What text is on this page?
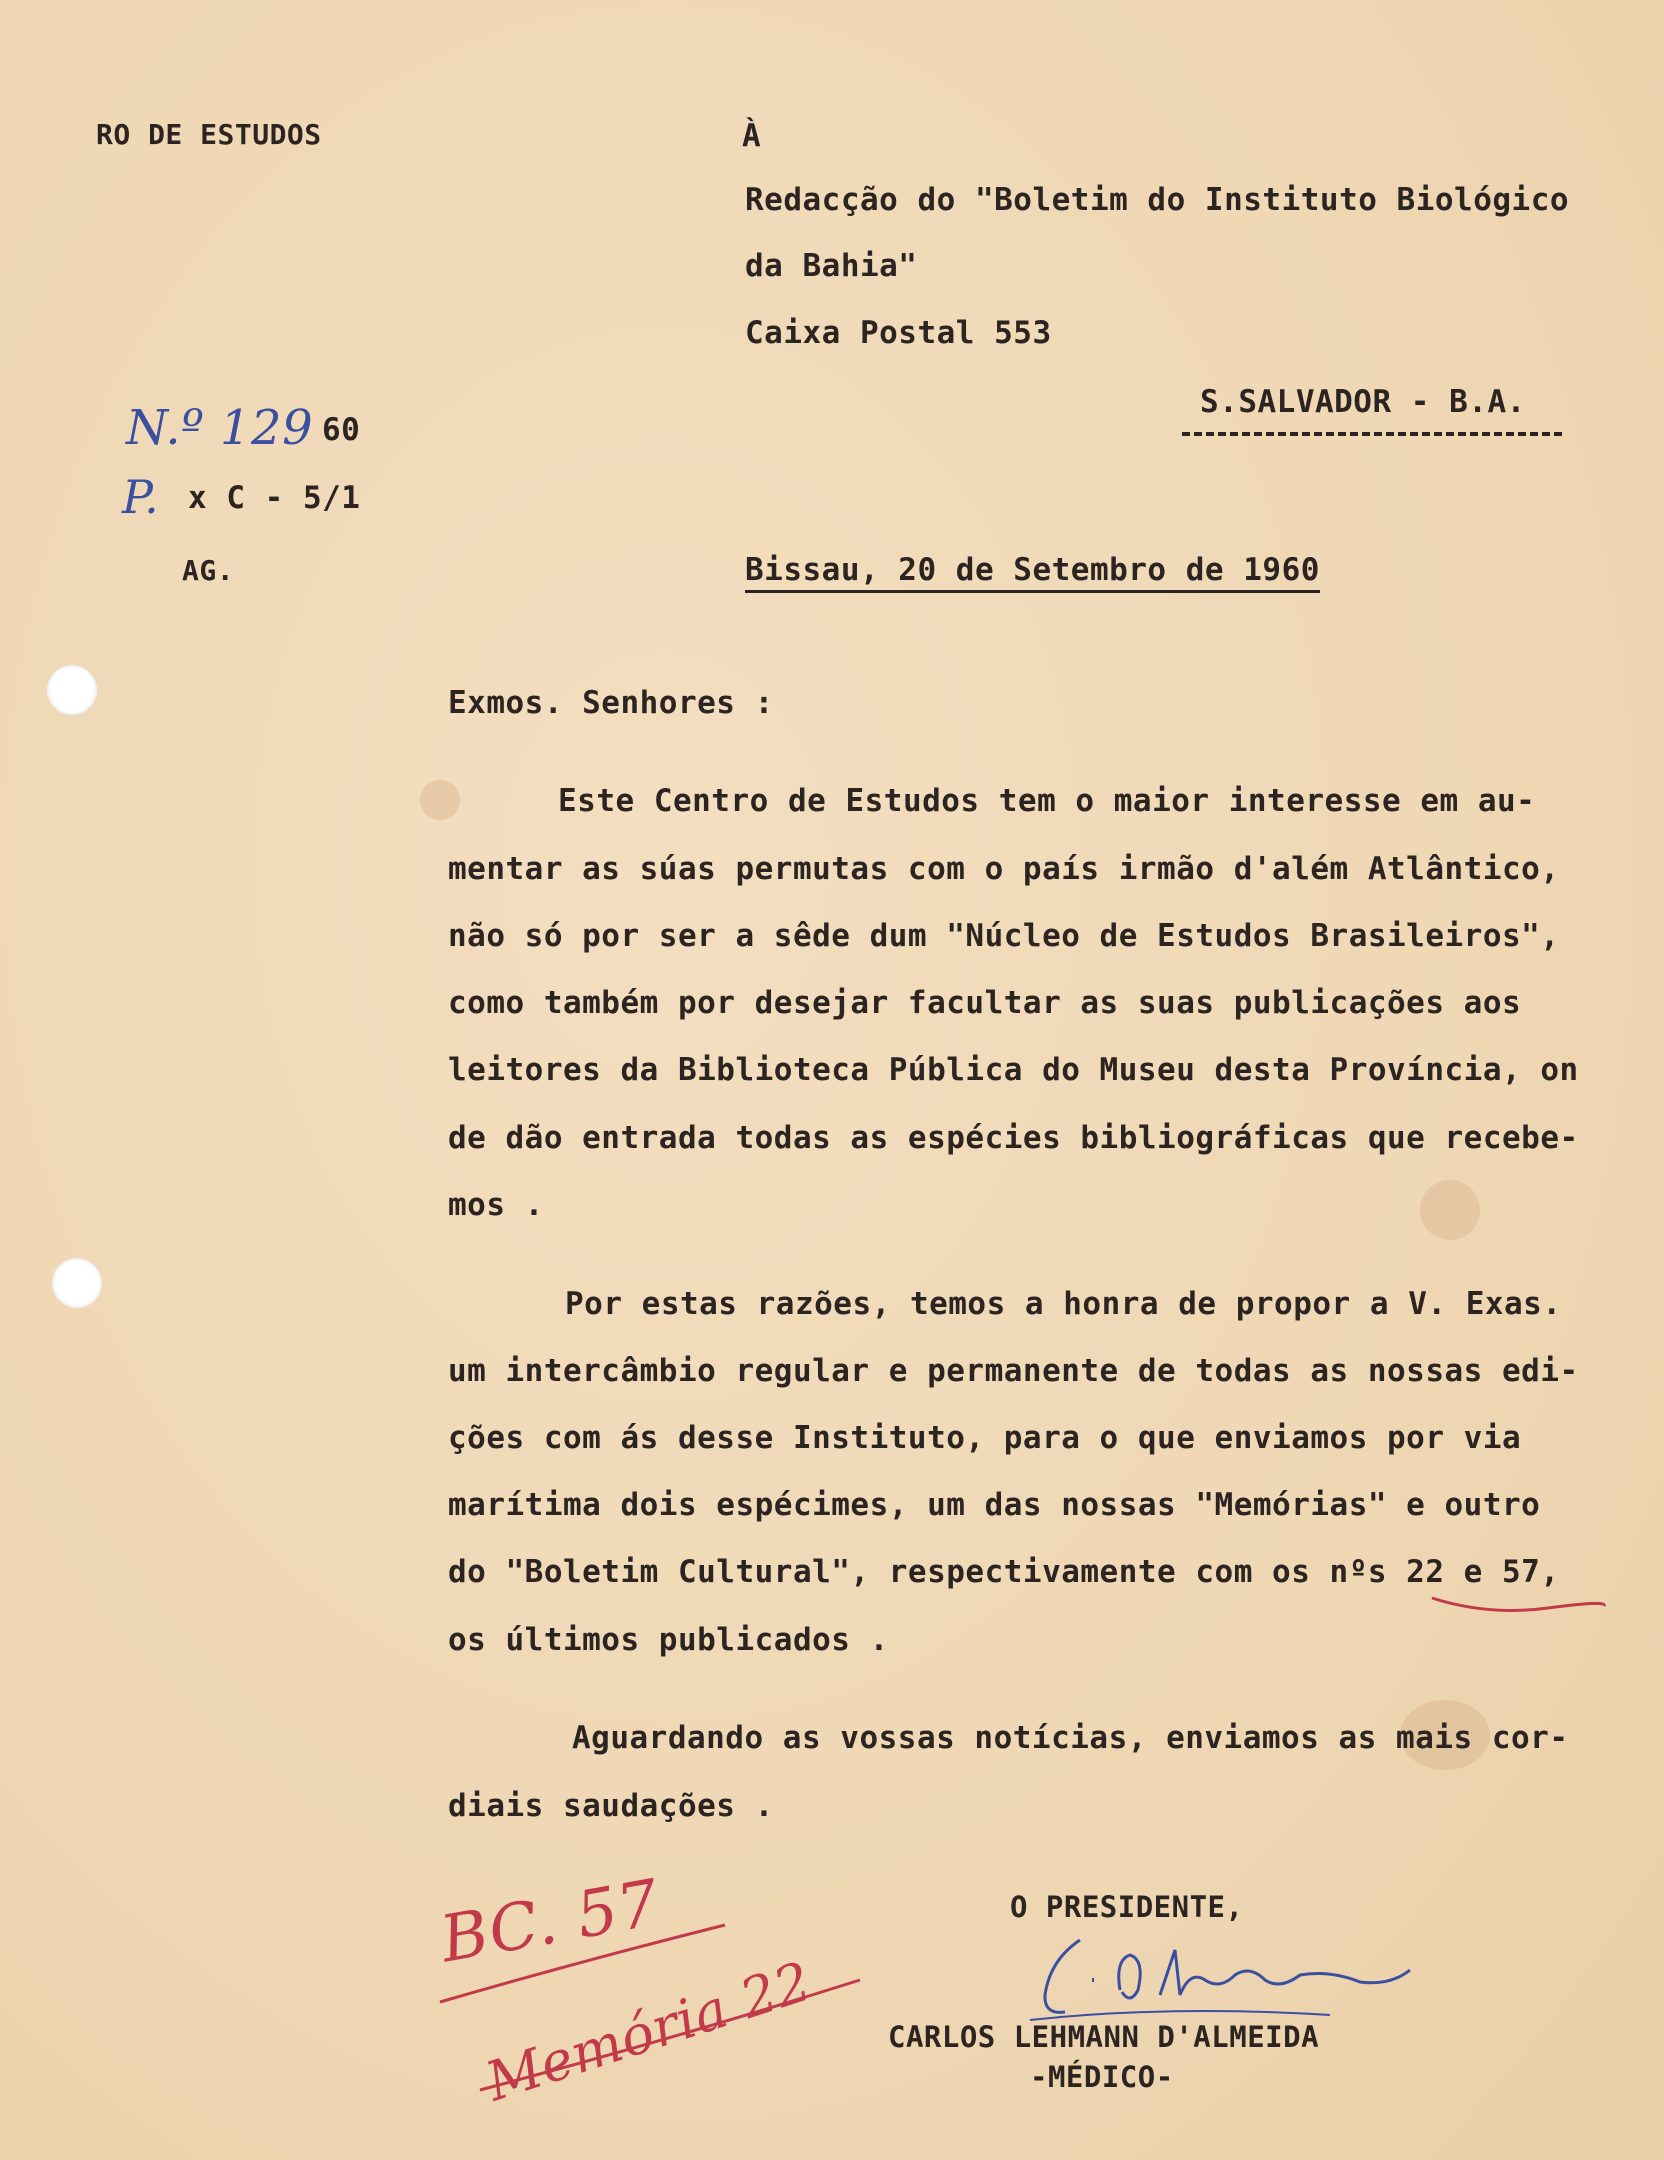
RO DE ESTUDOS
N.º 129 60
P. x C - 5/1
AG.
À
Redacção do "Boletim do Instituto Biológico
da Bahia"
Caixa Postal 553
S.SALVADOR - B.A.
Bissau, 20 de Setembro de 1960
Exmos. Senhores :
Este Centro de Estudos tem o maior interesse em au-
mentar as súas permutas com o país irmão d'além Atlântico,
não só por ser a sêde dum "Núcleo de Estudos Brasileiros",
como também por desejar facultar as suas publicações aos
leitores da Biblioteca Pública do Museu desta Província, on
de dão entrada todas as espécies bibliográficas que recebe-
mos .
Por estas razões, temos a honra de propor a V. Exas.
um intercâmbio regular e permanente de todas as nossas edi-
ções com ás desse Instituto, para o que enviamos por via
marítima dois espécimes, um das nossas "Memórias" e outro
do "Boletim Cultural", respectivamente com os nºs 22 e 57,
os últimos publicados .
Aguardando as vossas notícias, enviamos as mais cor-
diais saudações .
O PRESIDENTE,
CARLOS LEHMANN D'ALMEIDA
-MÉDICO-
BC. 57
Memória 22
